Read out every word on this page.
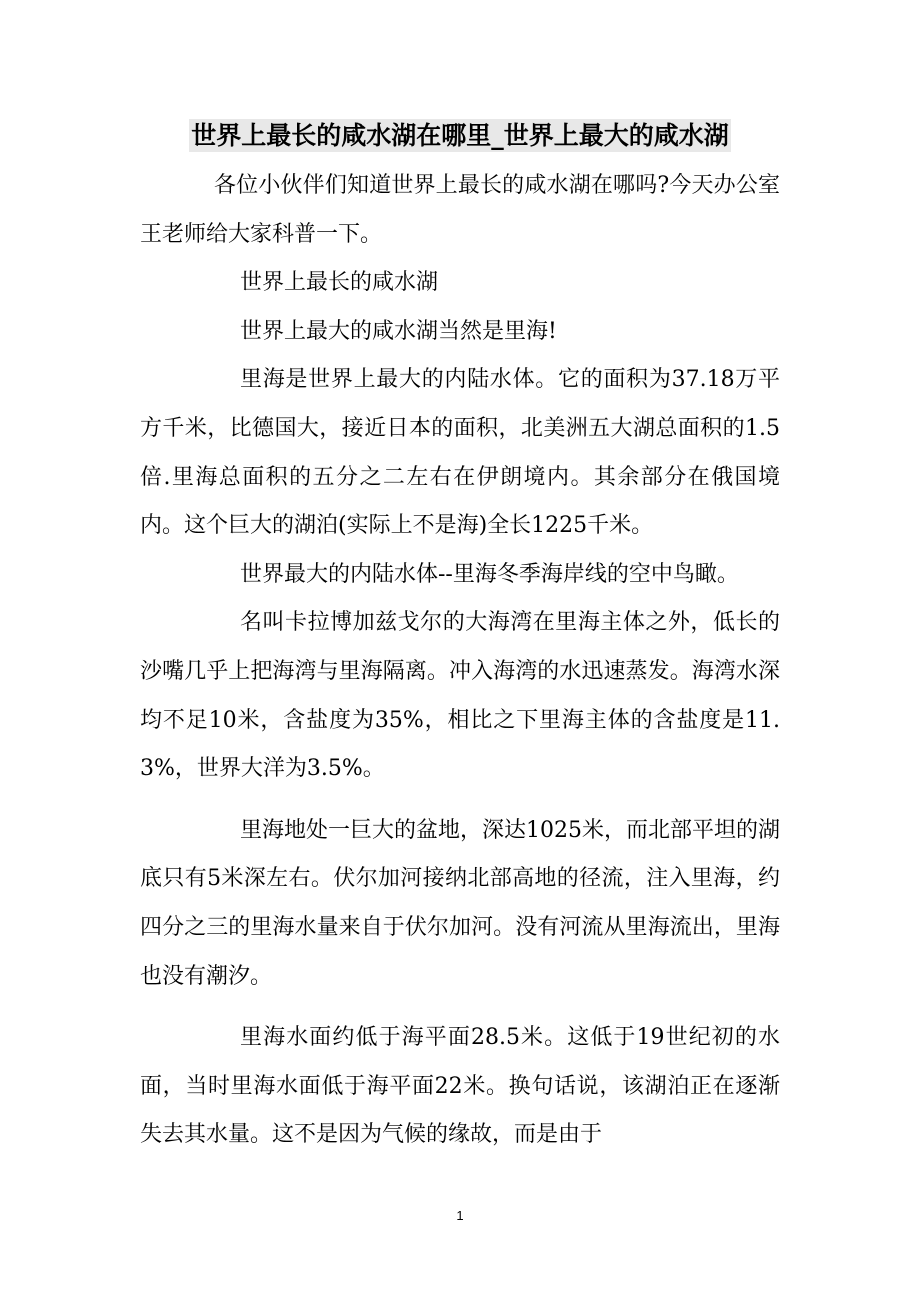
世界上最长的咸水湖在哪里_世界上最大的咸水湖

各位小伙伴们知道世界上最长的咸水湖在哪吗?今天办公室王老师给大家科普一下。

世界上最长的咸水湖

世界上最大的咸水湖当然是里海!

里海是世界上最大的内陆水体。它的面积为37.18万平方千米，比德国大，接近日本的面积，北美洲五大湖总面积的1.5倍.里海总面积的五分之二左右在伊朗境内。其余部分在俄国境内。这个巨大的湖泊(实际上不是海)全长1225千米。

世界最大的内陆水体--里海冬季海岸线的空中鸟瞰。

名叫卡拉博加兹戈尔的大海湾在里海主体之外，低长的沙嘴几乎上把海湾与里海隔离。冲入海湾的水迅速蒸发。海湾水深均不足10米，含盐度为35%，相比之下里海主体的含盐度是11.3%，世界大洋为3.5%。

里海地处一巨大的盆地，深达1025米，而北部平坦的湖底只有5米深左右。伏尔加河接纳北部高地的径流，注入里海，约四分之三的里海水量来自于伏尔加河。没有河流从里海流出，里海也没有潮汐。

里海水面约低于海平面28.5米。这低于19世纪初的水面，当时里海水面低于海平面22米。换句话说，该湖泊正在逐渐失去其水量。这不是因为气候的缘故，而是由于

1
